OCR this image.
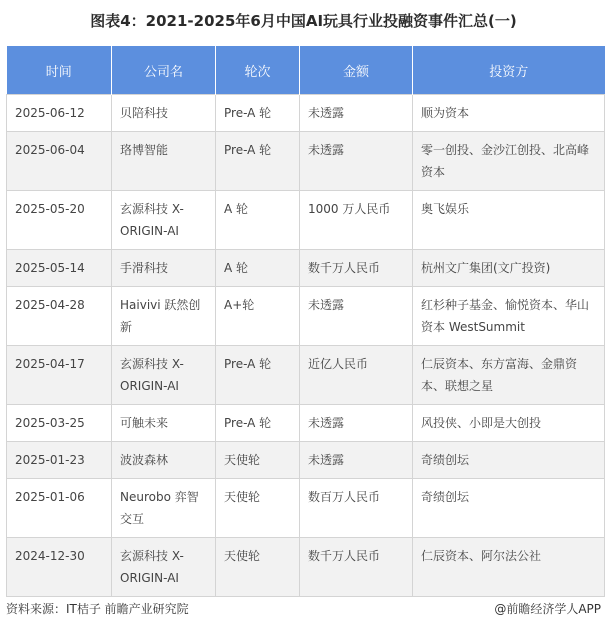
图表4：2021-2025年6月中国AI玩具行业投融资事件汇总(一)
时间	公司名	轮次	金额	投资方
2025-06-12	贝陪科技	Pre-A 轮	未透露	顺为资本
2025-06-04	珞博智能	Pre-A 轮	未透露	零一创投、金沙江创投、北高峰资本
2025-05-20	玄源科技 X-ORIGIN-AI	A 轮	1000 万人民币	奥飞娱乐
2025-05-14	手滑科技	A 轮	数千万人民币	杭州文广集团(文广投资)
2025-04-28	Haivivi 跃然创新	A+轮	未透露	红杉种子基金、愉悦资本、华山资本 WestSummit
2025-04-17	玄源科技 X-ORIGIN-AI	Pre-A 轮	近亿人民币	仁辰资本、东方富海、金鼎资本、联想之星
2025-03-25	可触未来	Pre-A 轮	未透露	风投侠、小即是大创投
2025-01-23	波波森林	天使轮	未透露	奇绩创坛
2025-01-06	Neurobo 弈智交互	天使轮	数百万人民币	奇绩创坛
2024-12-30	玄源科技 X-ORIGIN-AI	天使轮	数千万人民币	仁辰资本、阿尔法公社
资料来源：IT桔子 前瞻产业研究院	@前瞻经济学人APP
